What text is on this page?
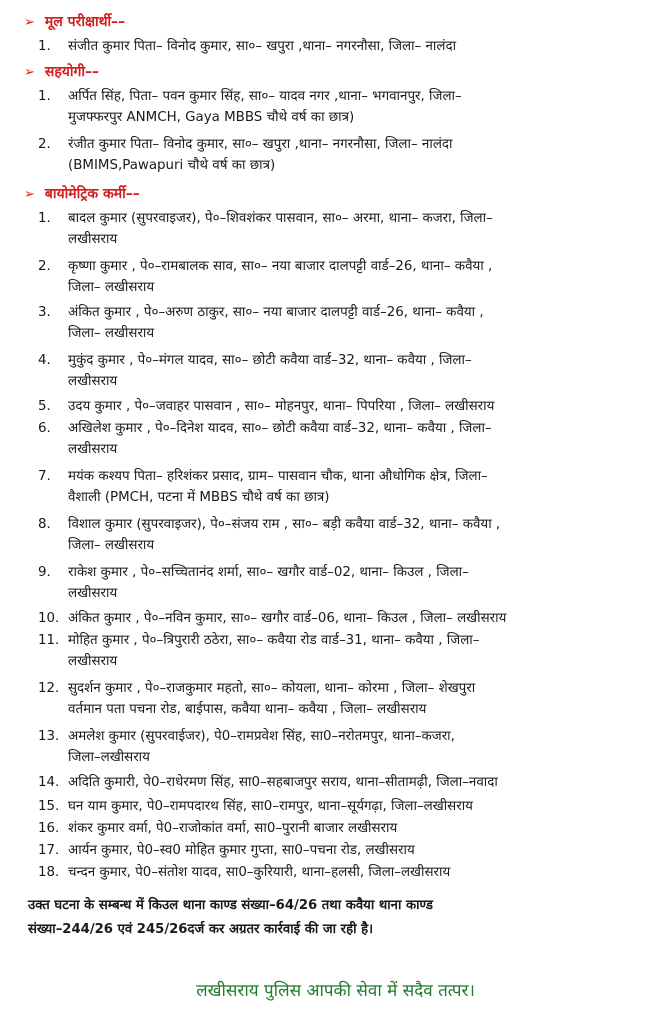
➢ मूल परीक्षार्थी––
1.	संजीत कुमार पिता– विनोद कुमार, सा०– खपुरा ,थाना– नगरनौसा, जिला– नालंदा
➢ सहयोगी––
1.	अर्पित सिंह, पिता– पवन कुमार सिंह, सा०– यादव नगर ,थाना– भगवानपुर, जिला–
मुजफ्फरपुर ANMCH, Gaya MBBS चौथे वर्ष का छात्र)
2.	रंजीत कुमार पिता– विनोद कुमार, सा०– खपुरा ,थाना– नगरनौसा, जिला– नालंदा
(BMIMS,Pawapuri चौथे वर्ष का छात्र)
➢ बायोमेट्रिक कर्मी––
1.	बादल कुमार (सुपरवाइजर), पे०–शिवशंकर पासवान, सा०– अरमा, थाना– कजरा, जिला–
लखीसराय
2.	कृष्णा कुमार , पे०–रामबालक साव, सा०– नया बाजार दालपट्टी वार्ड–26, थाना– कवैया ,
जिला– लखीसराय
3.	अंकित कुमार , पे०–अरुण ठाकुर, सा०– नया बाजार दालपट्टी वार्ड–26, थाना– कवैया ,
जिला– लखीसराय
4.	मुकुंद कुमार , पे०–मंगल यादव, सा०– छोटी कवैया वार्ड–32, थाना– कवैया , जिला–
लखीसराय
5.	उदय कुमार , पे०–जवाहर पासवान , सा०– मोहनपुर, थाना– पिपरिया , जिला– लखीसराय
6.	अखिलेश कुमार , पे०–दिनेश यादव, सा०– छोटी कवैया वार्ड–32, थाना– कवैया , जिला–
लखीसराय
7.	मयंक कश्यप पिता– हरिशंकर प्रसाद, ग्राम– पासवान चौक, थाना औधोगिक क्षेत्र, जिला–
वैशाली (PMCH, पटना में MBBS चौथे वर्ष का छात्र)
8.	विशाल कुमार (सुपरवाइजर), पे०–संजय राम , सा०– बड़ी कवैया वार्ड–32, थाना– कवैया ,
जिला– लखीसराय
9.	राकेश कुमार , पे०–सच्चितानंद शर्मा, सा०– खगौर वार्ड–02, थाना– किउल , जिला–
लखीसराय
10. अंकित कुमार , पे०–नविन कुमार, सा०– खगौर वार्ड–06, थाना– किउल , जिला– लखीसराय
11. मोहित कुमार , पे०–त्रिपुरारी ठठेरा, सा०– कवैया रोड वार्ड–31, थाना– कवैया , जिला–
लखीसराय
12. सुदर्शन कुमार , पे०–राजकुमार महतो, सा०– कोयला, थाना– कोरमा , जिला– शेखपुरा
वर्तमान पता पचना रोड, बाईपास, कवैया थाना– कवैया , जिला– लखीसराय
13. अमलेश कुमार (सुपरवाईजर), पे0–रामप्रवेश सिंह, सा0–नरोतमपुर, थाना–कजरा,
जिला–लखीसराय
14. अदिति कुमारी, पे0–राधेरमण सिंह, सा0–सहबाजपुर सराय, थाना–सीतामढ़ी, जिला–नवादा
15. घन याम कुमार, पे0–रामपदारथ सिंह, सा0–रामपुर, थाना–सूर्यगढ़ा, जिला–लखीसराय
16. शंकर कुमार वर्मा, पे0–राजोकांत वर्मा, सा0–पुरानी बाजार लखीसराय
17. आर्यन कुमार, पे0–स्व0 मोहित कुमार गुप्ता, सा0–पचना रोड, लखीसराय
18. चन्दन कुमार, पे0–संतोश यादव, सा0–कुरियारी, थाना–हलसी, जिला–लखीसराय
उक्त घटना के सम्बन्ध में किउल थाना काण्ड संख्या–64/26 तथा कवैया थाना काण्ड
संख्या–244/26 एवं 245/26दर्ज कर अग्रतर कार्रवाई की जा रही है।
लखीसराय पुलिस आपकी सेवा में सदैव तत्पर।
